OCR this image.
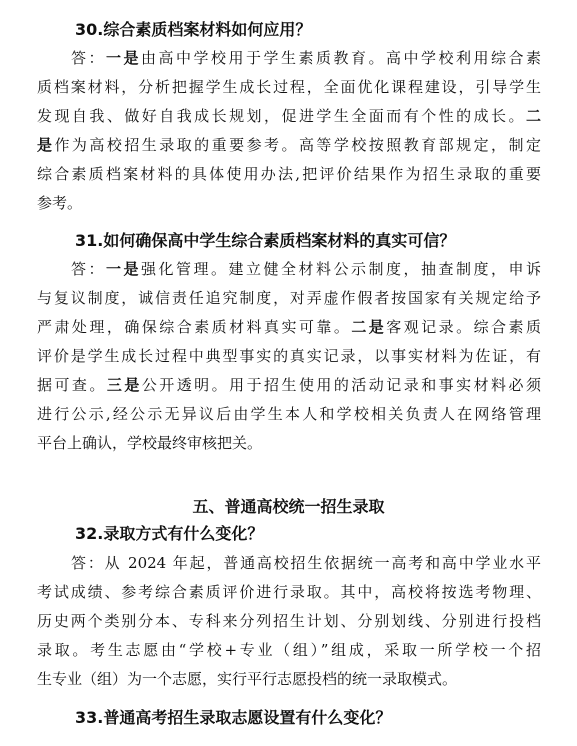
30.综合素质档案材料如何应用？
答：一是由高中学校用于学生素质教育。高中学校利用综合素
质档案材料，分析把握学生成长过程，全面优化课程建设，引导学生
发现自我、做好自我成长规划，促进学生全面而有个性的成长。二
是作为高校招生录取的重要参考。高等学校按照教育部规定，制定
综合素质档案材料的具体使用办法,把评价结果作为招生录取的重要
参考。
31.如何确保高中学生综合素质档案材料的真实可信？
答：一是强化管理。建立健全材料公示制度，抽查制度，申诉
与复议制度，诚信责任追究制度，对弄虚作假者按国家有关规定给予
严肃处理，确保综合素质材料真实可靠。二是客观记录。综合素质
评价是学生成长过程中典型事实的真实记录，以事实材料为佐证，有
据可查。三是公开透明。用于招生使用的活动记录和事实材料必须
进行公示,经公示无异议后由学生本人和学校相关负责人在网络管理
平台上确认，学校最终审核把关。
五、普通高校统一招生录取
32.录取方式有什么变化？
答：从 2024 年起，普通高校招生依据统一高考和高中学业水平
考试成绩、参考综合素质评价进行录取。其中，高校将按选考物理、
历史两个类别分本、专科来分列招生计划、分别划线、分别进行投档
录取。考生志愿由“学校+专业（组）”组成，采取一所学校一个招
生专业（组）为一个志愿，实行平行志愿投档的统一录取模式。
33.普通高考招生录取志愿设置有什么变化？
